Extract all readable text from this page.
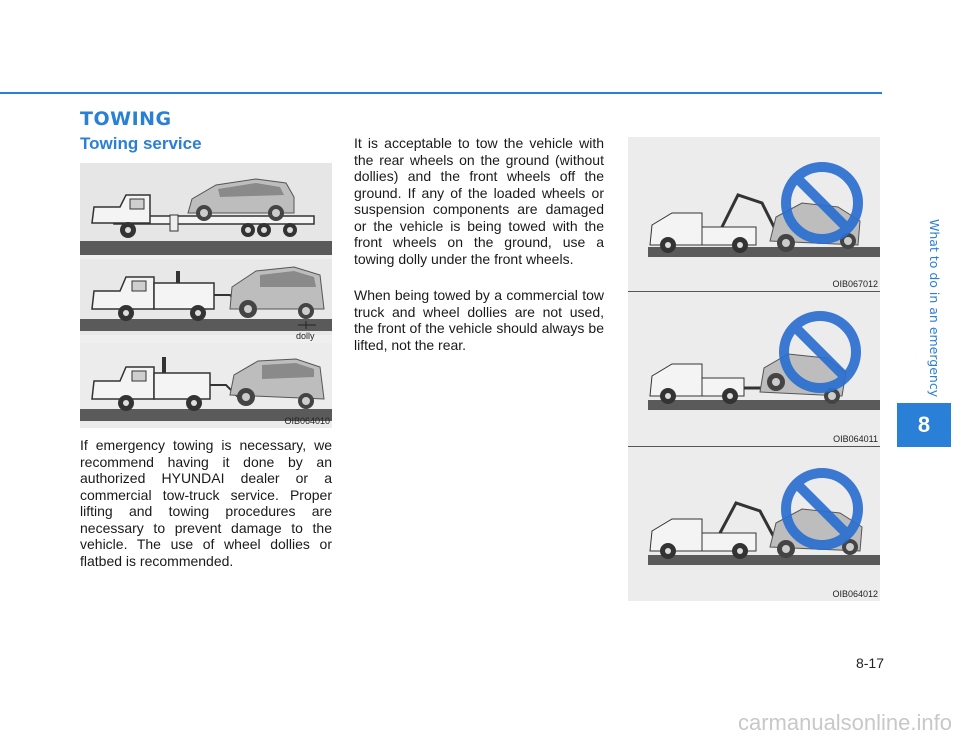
TOWING
Towing service
dolly
OIB064010

If emergency towing is necessary, we recommend having it done by an authorized HYUNDAI dealer or a commercial tow-truck service. Proper lifting and towing procedures are necessary to prevent damage to the vehicle. The use of wheel dollies or flatbed is recommended.

It is acceptable to tow the vehicle with the rear wheels on the ground (without dollies) and the front wheels off the ground. If any of the loaded wheels or suspension components are damaged or the vehicle is being towed with the front wheels on the ground, use a towing dolly under the front wheels.

When being towed by a commercial tow truck and wheel dollies are not used, the front of the vehicle should always be lifted, not the rear.

OIB067012
OIB064011
OIB064012
What to do in an emergency
8
8-17
carmanualsonline.info
